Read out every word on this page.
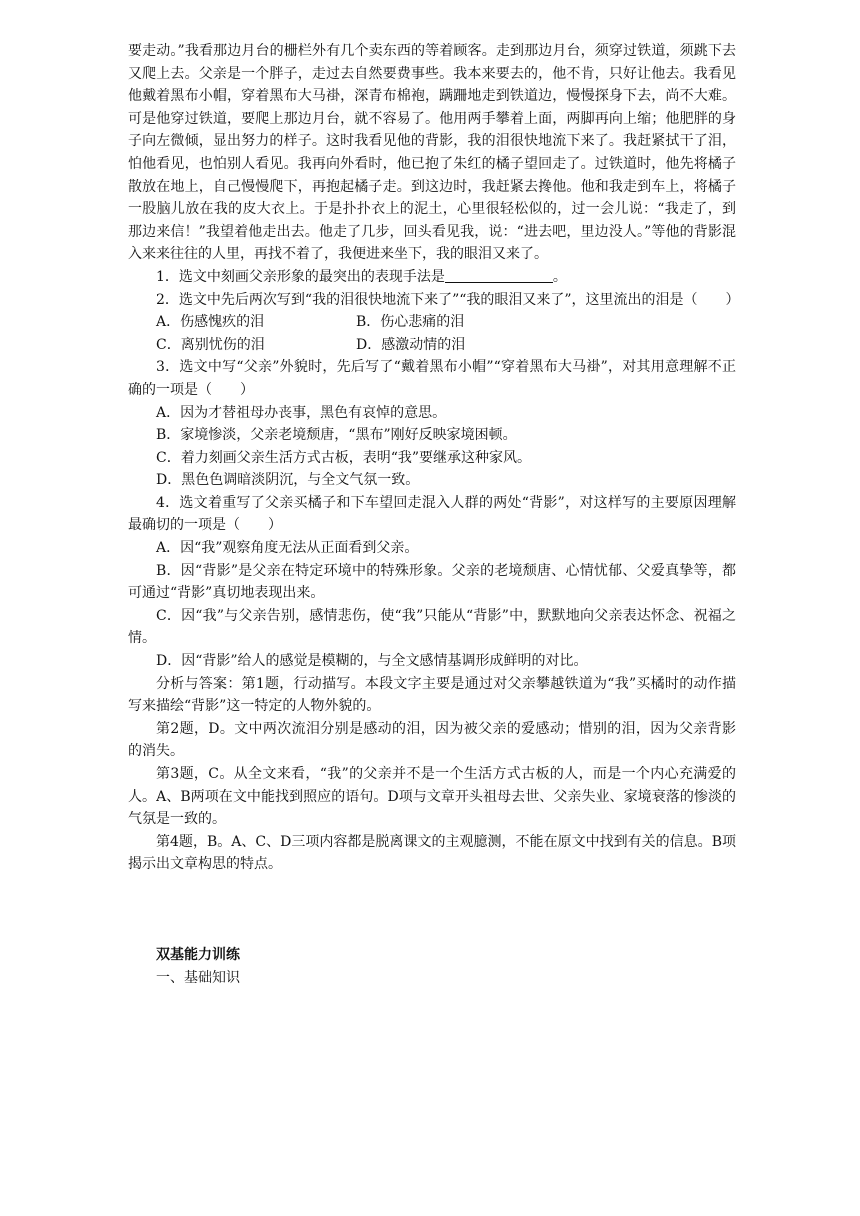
要走动。”我看那边月台的栅栏外有几个卖东西的等着顾客。走到那边月台，须穿过铁道，须跳下去又爬上去。父亲是一个胖子，走过去自然要费事些。我本来要去的，他不肯，只好让他去。我看见他戴着黑布小帽，穿着黑布大马褂，深青布棉袍，蹒跚地走到铁道边，慢慢探身下去，尚不大难。可是他穿过铁道，要爬上那边月台，就不容易了。他用两手攀着上面，两脚再向上缩；他肥胖的身子向左微倾，显出努力的样子。这时我看见他的背影，我的泪很快地流下来了。我赶紧拭干了泪，怕他看见，也怕别人看见。我再向外看时，他已抱了朱红的橘子望回走了。过铁道时，他先将橘子散放在地上，自己慢慢爬下，再抱起橘子走。到这边时，我赶紧去搀他。他和我走到车上，将橘子一股脑儿放在我的皮大衣上。于是扑扑衣上的泥土，心里很轻松似的，过一会儿说：“我走了，到那边来信！”我望着他走出去。他走了几步，回头看见我，说：“进去吧，里边没人。”等他的背影混入来来往往的人里，再找不着了，我便进来坐下，我的眼泪又来了。

1．选文中刻画父亲形象的最突出的表现手法是	。

2．选文中先后两次写到“我的泪很快地流下来了”“我的眼泪又来了”，这里流出的泪是（　　）

A．伤感愧疚的泪	B．伤心悲痛的泪
C．离别忧伤的泪	D．感激动情的泪

3．选文中写“父亲”外貌时，先后写了“戴着黑布小帽”“穿着黑布大马褂”，对其用意理解不正确的一项是（　　）

A．因为才替祖母办丧事，黑色有哀悼的意思。

B．家境惨淡，父亲老境颓唐，“黑布”刚好反映家境困顿。

C．着力刻画父亲生活方式古板，表明“我”要继承这种家风。

D．黑色色调暗淡阴沉，与全文气氛一致。

4．选文着重写了父亲买橘子和下车望回走混入人群的两处“背影”，对这样写的主要原因理解最确切的一项是（　　）

A．因“我”观察角度无法从正面看到父亲。

B．因“背影”是父亲在特定环境中的特殊形象。父亲的老境颓唐、心情忧郁、父爱真挚等，都可通过“背影”真切地表现出来。

C．因“我”与父亲告别，感情悲伤，使“我”只能从“背影”中，默默地向父亲表达怀念、祝福之情。

D．因“背影”给人的感觉是模糊的，与全文感情基调形成鲜明的对比。

分析与答案：第1题，行动描写。本段文字主要是通过对父亲攀越铁道为“我”买橘时的动作描写来描绘“背影”这一特定的人物外貌的。

第2题，D。文中两次流泪分别是感动的泪，因为被父亲的爱感动；惜别的泪，因为父亲背影的消失。

第3题，C。从全文来看，“我”的父亲并不是一个生活方式古板的人，而是一个内心充满爱的人。A、B两项在文中能找到照应的语句。D项与文章开头祖母去世、父亲失业、家境衰落的惨淡的气氛是一致的。

第4题，B。A、C、D三项内容都是脱离课文的主观臆测，不能在原文中找到有关的信息。B项揭示出文章构思的特点。

双基能力训练

一、基础知识
